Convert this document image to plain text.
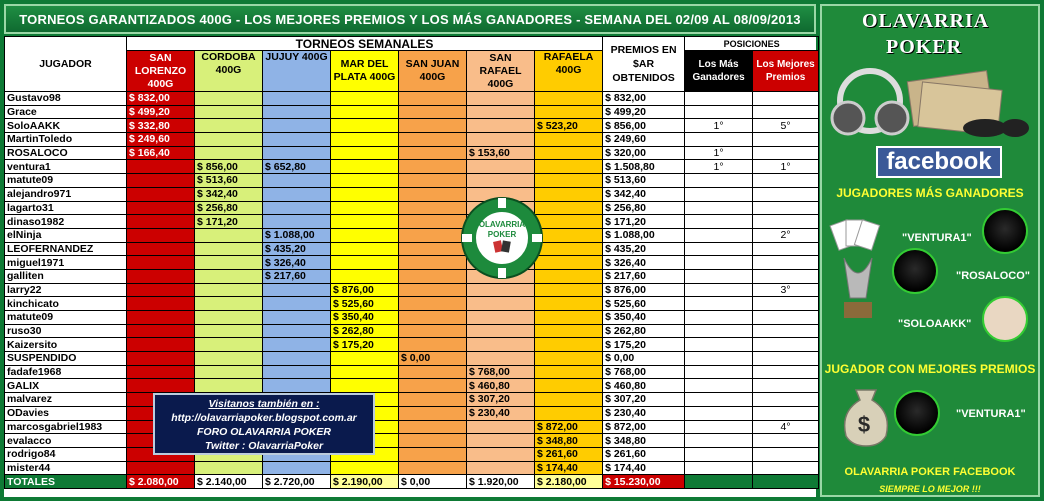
TORNEOS GARANTIZADOS 400G - LOS MEJORES PREMIOS Y LOS MÁS GANADORES - SEMANA DEL 02/09 AL 08/09/2013
JUGADOR	TORNEOS SEMANALES							PREMIOS EN $AR OBTENIDOS	POSICIONES	
	SAN LORENZO 400G	CORDOBA 400G	JUJUY 400G	MAR DEL PLATA 400G	SAN JUAN 400G	SAN RAFAEL 400G	RAFAELA 400G		Los Más Ganadores	Los Mejores Premios

Gustavo98	$ 832,00							$ 832,00		
Grace	$ 499,20							$ 499,20		
SoloAAKK	$ 332,80						$ 523,20	$ 856,00	1°	5°
MartinToledo	$ 249,60							$ 249,60		
ROSALOCO	$ 166,40					$ 153,60		$ 320,00	1°	
ventura1		$ 856,00	$ 652,80					$ 1.508,80	1°	1°
matute09		$ 513,60						$ 513,60		
alejandro971		$ 342,40						$ 342,40		
lagarto31		$ 256,80						$ 256,80		
dinaso1982		$ 171,20						$ 171,20		
elNinja			$ 1.088,00					$ 1.088,00		2°
LEOFERNANDEZ			$ 435,20					$ 435,20		
miguel1971			$ 326,40					$ 326,40		
galliten			$ 217,60					$ 217,60		
larry22				$ 876,00				$ 876,00		3°
kinchicato				$ 525,60				$ 525,60		
matute09				$ 350,40				$ 350,40		
ruso30				$ 262,80				$ 262,80		
Kaizersito				$ 175,20				$ 175,20		
SUSPENDIDO					$ 0,00			$ 0,00		
fadafe1968						$ 768,00		$ 768,00		
GALIX						$ 460,80		$ 460,80		
malvarez						$ 307,20		$ 307,20		
ODavies						$ 230,40		$ 230,40		
marcosgabriel1983							$ 872,00	$ 872,00		4°
evalacco							$ 348,80	$ 348,80		
rodrigo84							$ 261,60	$ 261,60		
mister44							$ 174,40	$ 174,40		
TOTALES	$ 2.080,00	$ 2.140,00	$ 2.720,00	$ 2.190,00	$ 0,00	$ 1.920,00	$ 2.180,00	$ 15.230,00		
OLAVARRIA
POKER
Visitanos también en :
http://olavarriapoker.blogspot.com.ar
FORO OLAVARRIA POKER
Twitter : OlavarriaPoker
OLAVARRIA
POKER
facebook
JUGADORES MÁS GANADORES
"VENTURA1"
"ROSALOCO"
"SOLOAAKK"
JUGADOR CON MEJORES PREMIOS
$	"VENTURA1"
OLAVARRIA POKER FACEBOOK
SIEMPRE LO MEJOR !!!
